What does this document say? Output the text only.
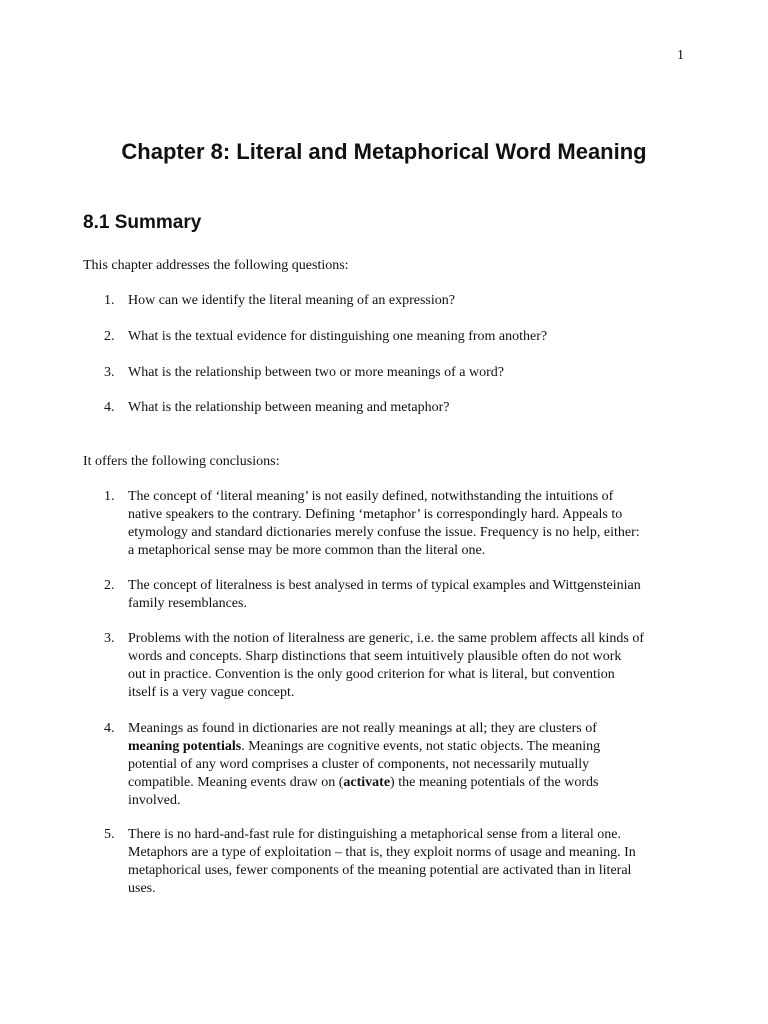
1
Chapter 8: Literal and Metaphorical Word Meaning
8.1 Summary

This chapter addresses the following questions:

1. How can we identify the literal meaning of an expression?
2. What is the textual evidence for distinguishing one meaning from another?
3. What is the relationship between two or more meanings of a word?
4. What is the relationship between meaning and metaphor?

It offers the following conclusions:

1. The concept of ‘literal meaning’ is not easily defined, notwithstanding the intuitions of
native speakers to the contrary. Defining ‘metaphor’ is correspondingly hard. Appeals to
etymology and standard dictionaries merely confuse the issue. Frequency is no help, either:
a metaphorical sense may be more common than the literal one.
2. The concept of literalness is best analysed in terms of typical examples and Wittgensteinian
family resemblances.
3. Problems with the notion of literalness are generic, i.e. the same problem affects all kinds of
words and concepts. Sharp distinctions that seem intuitively plausible often do not work
out in practice. Convention is the only good criterion for what is literal, but convention
itself is a very vague concept.
4. Meanings as found in dictionaries are not really meanings at all; they are clusters of
meaning potentials. Meanings are cognitive events, not static objects. The meaning
potential of any word comprises a cluster of components, not necessarily mutually
compatible. Meaning events draw on (activate) the meaning potentials of the words
involved.
5. There is no hard-and-fast rule for distinguishing a metaphorical sense from a literal one.
Metaphors are a type of exploitation – that is, they exploit norms of usage and meaning. In
metaphorical uses, fewer components of the meaning potential are activated than in literal
uses.
